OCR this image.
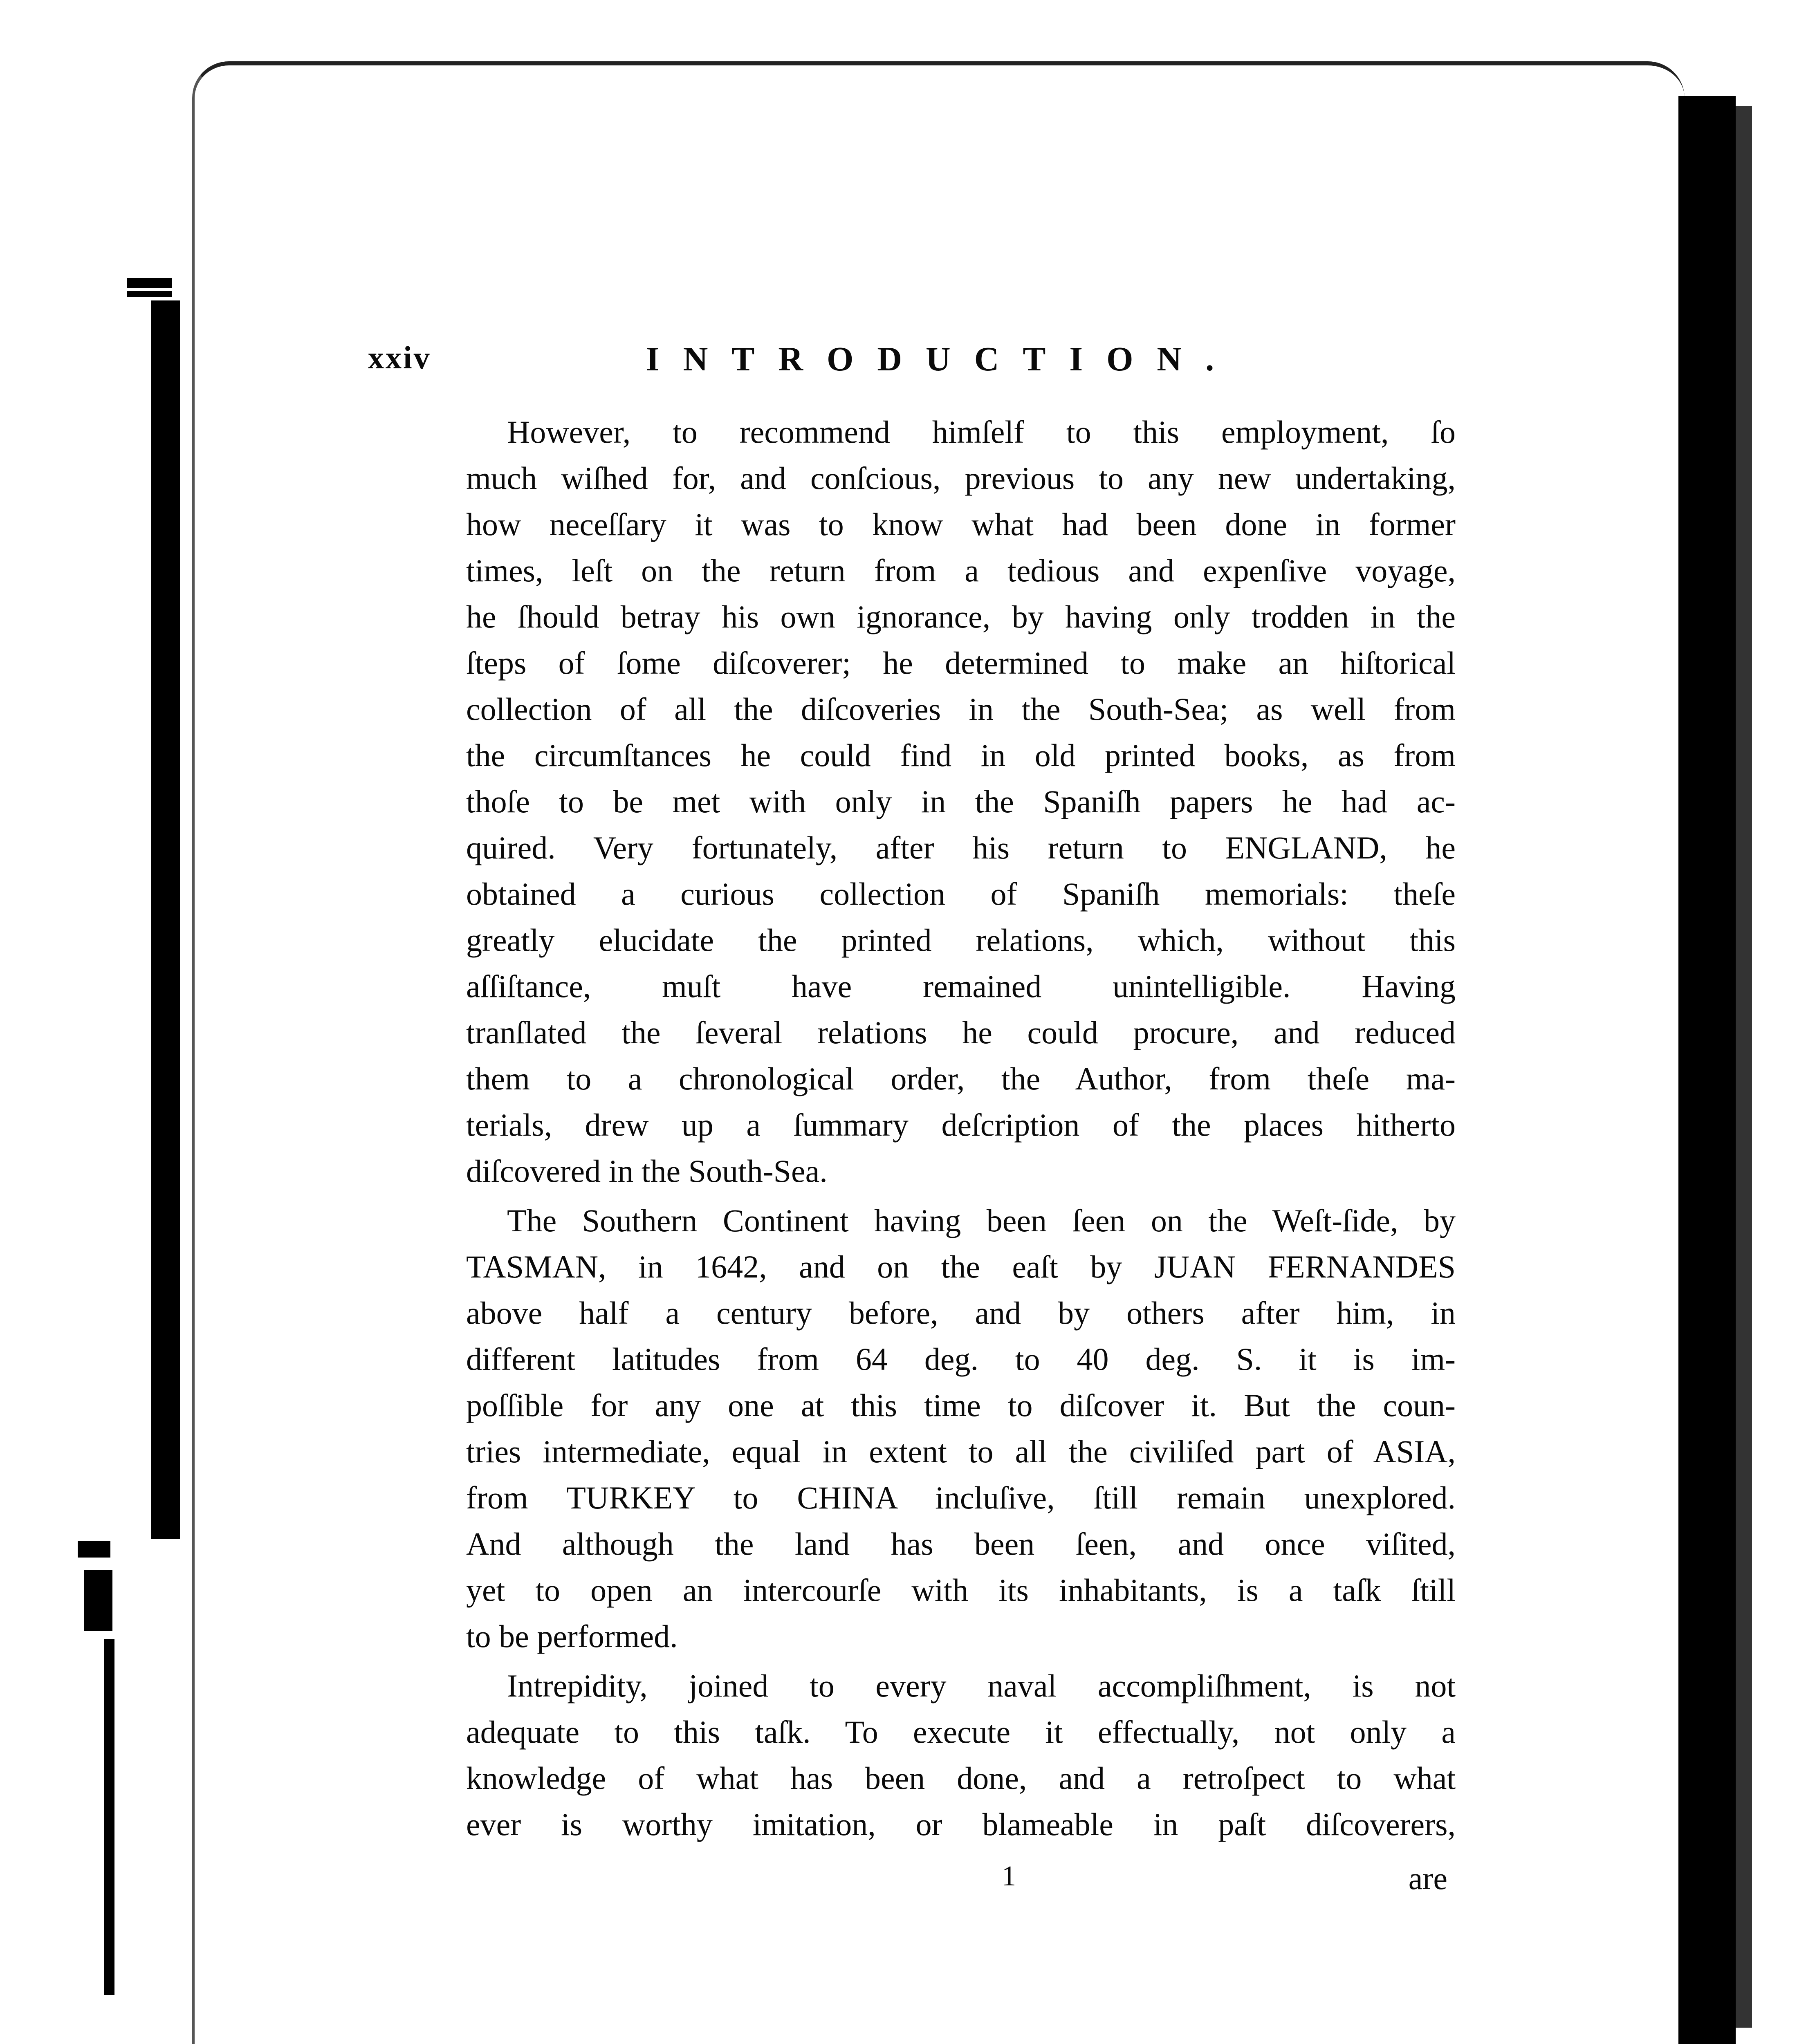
xxiv	INTRODUCTION.
However, to recommend himſelf to this employment, ſo
much wiſhed for, and conſcious, previous to any new undertaking,
how neceſſary it was to know what had been done in former
times, leſt on the return from a tedious and expenſive voyage,
he ſhould betray his own ignorance, by having only trodden in the
ſteps of ſome diſcoverer; he determined to make an hiſtorical
collection of all the diſcoveries in the South-Sea; as well from
the circumſtances he could find in old printed books, as from
thoſe to be met with only in the Spaniſh papers he had ac-
quired. Very fortunately, after his return to ENGLAND, he
obtained a curious collection of Spaniſh memorials: theſe
greatly elucidate the printed relations, which, without this
aſſiſtance, muſt have remained unintelligible. Having
tranſlated the ſeveral relations he could procure, and reduced
them to a chronological order, the Author, from theſe ma-
terials, drew up a ſummary deſcription of the places hitherto
diſcovered in the South-Sea.
The Southern Continent having been ſeen on the Weſt-ſide, by
TASMAN, in 1642, and on the eaſt by JUAN FERNANDES
above half a century before, and by others after him, in
different latitudes from 64 deg. to 40 deg. S. it is im-
poſſible for any one at this time to diſcover it. But the coun-
tries intermediate, equal in extent to all the civiliſed part of ASIA,
from TURKEY to CHINA incluſive, ſtill remain unexplored.
And although the land has been ſeen, and once viſited,
yet to open an intercourſe with its inhabitants, is a taſk ſtill
to be performed.
Intrepidity, joined to every naval accompliſhment, is not
adequate to this taſk. To execute it effectually, not only a
knowledge of what has been done, and a retroſpect to what
ever is worthy imitation, or blameable in paſt diſcoverers,
1	are
